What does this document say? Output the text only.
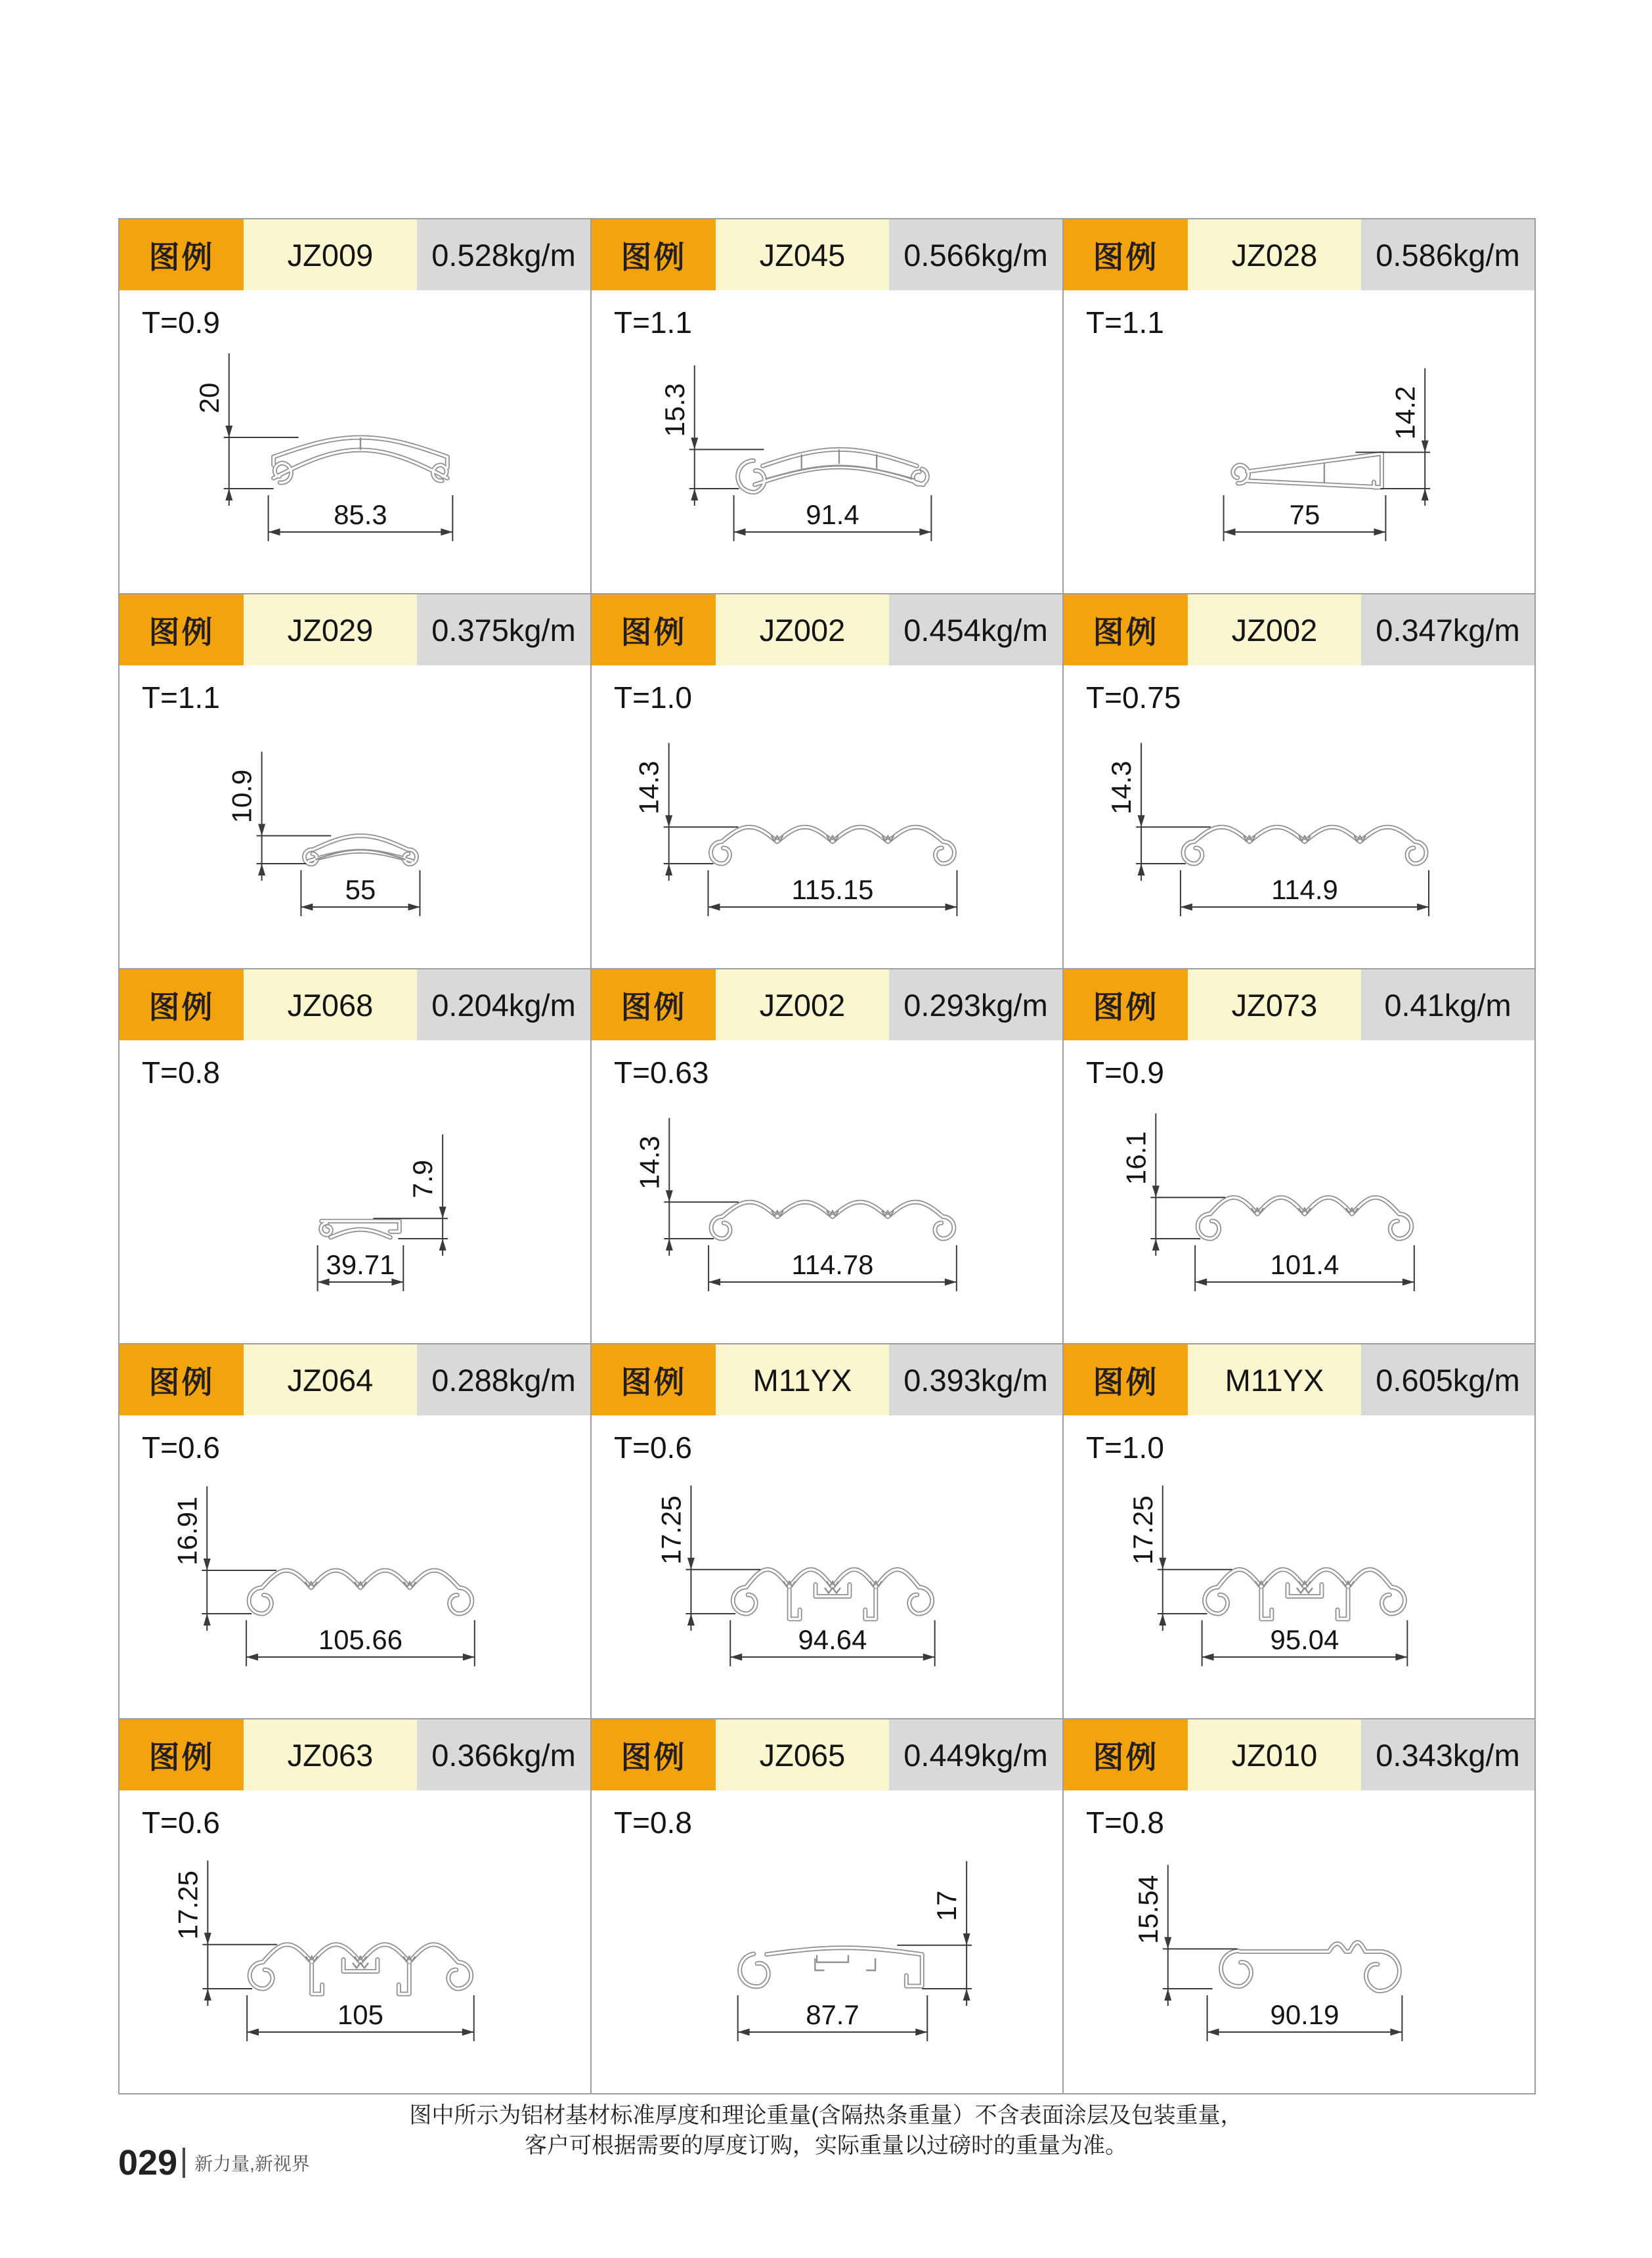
图例	JZ009	0.528kg/m
T=0.9
85.3
20
图例	JZ045	0.566kg/m
T=1.1
91.4
15.3
图例	JZ028	0.586kg/m
T=1.1
75
14.2
图例	JZ029	0.375kg/m
T=1.1
55
10.9
图例	JZ002	0.454kg/m
T=1.0
115.15
14.3
图例	JZ002	0.347kg/m
T=0.75
114.9
14.3
图例	JZ068	0.204kg/m
T=0.8
39.71
7.9
图例	JZ002	0.293kg/m
T=0.63
114.78
14.3
图例	JZ073	0.41kg/m
T=0.9
101.4
16.1
图例	JZ064	0.288kg/m
T=0.6
105.66
16.91
图例	M11YX	0.393kg/m
T=0.6
94.64
17.25
图例	M11YX	0.605kg/m
T=1.0
95.04
17.25
图例	JZ063	0.366kg/m
T=0.6
105
17.25
图例	JZ065	0.449kg/m
T=0.8
87.7
17
图例	JZ010	0.343kg/m
T=0.8
90.19
15.54
图中所示为铝材基材标准厚度和理论重量(含隔热条重量）不含表面涂层及包装重量，
客户可根据需要的厚度订购，实际重量以过磅时的重量为准。
029 新力量,新视界
